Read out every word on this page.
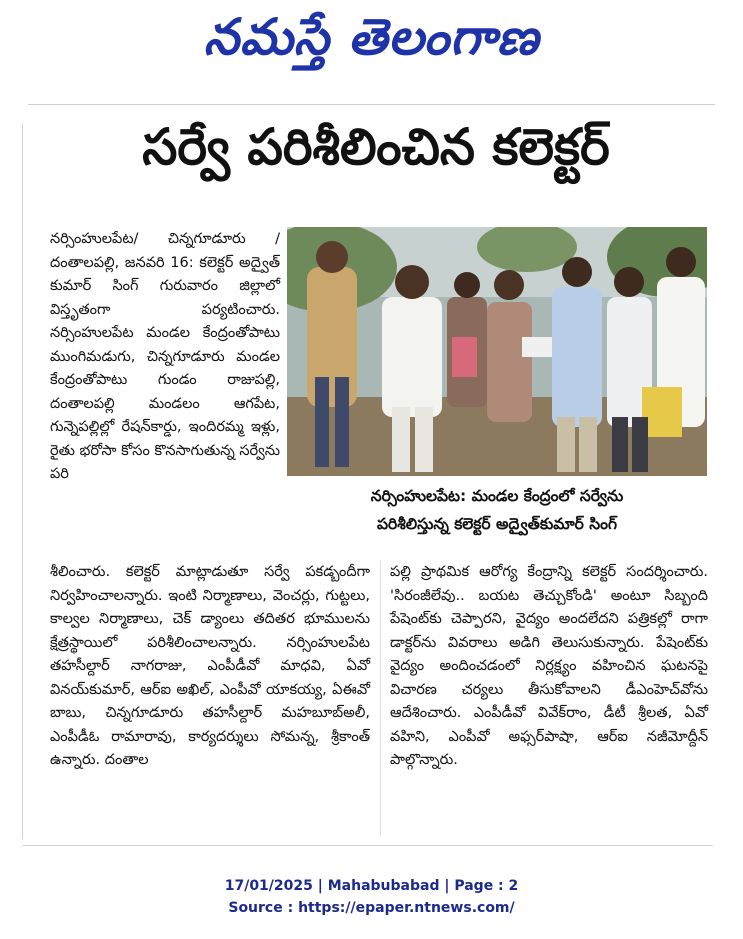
నమస్తే తెలంగాణ
సర్వే పరిశీలించిన కలెక్టర్

నర్సింహులపేట/ చిన్నగూడూరు /దంతాలపల్లి, జనవరి 16: కలెక్టర్ అద్వైత్ కుమార్ సింగ్ గురువారం జిల్లాలో విస్తృతంగా పర్యటించారు. నర్సింహులపేట మండల కేంద్రంతోపాటు ముంగిమడుగు, చిన్నగూడూరు మండల కేంద్రంతోపాటు గుండం రాజుపల్లి, దంతాలపల్లి మండలం ఆగపేట, గున్నెపల్లిల్లో రేషన్‌కార్డు, ఇందిరమ్మ ఇళ్లు, రైతు భరోసా కోసం కొనసాగుతున్న సర్వేను పరి

నర్సింహులపేట: మండల కేంద్రంలో సర్వేను

పరిశీలిస్తున్న కలెక్టర్ అద్వైత్‌కుమార్ సింగ్

శీలించారు. కలెక్టర్ మాట్లాడుతూ సర్వే పకడ్బందీగా నిర్వహించాలన్నారు. ఇంటి నిర్మాణాలు, వెంచర్లు, గుట్టలు, కాల్వల నిర్మాణాలు, చెక్ డ్యాంలు తదితర భూములను క్షేత్రస్థాయిలో పరిశీలించాలన్నారు. నర్సింహులపేట తహసీల్దార్ నాగరాజు, ఎంపీడీవో మాధవి, ఏవో వినయ్‌కుమార్, ఆర్ఐ అఖిల్, ఎంపీవో యాకయ్య, ఏఈవో బాబు, చిన్నగూడూరు తహసీల్దార్ మహబూబ్‌అలీ, ఎంపీడీఓ రామారావు, కార్యదర్శులు సోమన్న, శ్రీకాంత్ ఉన్నారు. దంతాల

పల్లి ప్రాథమిక ఆరోగ్య కేంద్రాన్ని కలెక్టర్ సందర్శించారు. 'సిరంజీలేవు.. బయట తెచ్చుకోండి' అంటూ సిబ్బంది పేషెంట్‌కు చెప్పారని, వైద్యం అందలేదని పత్రికల్లో రాగా డాక్టర్‌ను వివరాలు అడిగి తెలుసుకున్నారు. పేషెంట్‌కు వైద్యం అందించడంలో నిర్లక్ష్యం వహించిన ఘటనపై విచారణ చర్యలు తీసుకోవాలని డీఎంహెచ్‌వోను ఆదేశించారు. ఎంపీడీవో వివేక్‌రాం, డీటీ శ్రీలత, ఏవో వహిని, ఎంపీవో అఫ్సర్‌పాషా, ఆర్ఐ నజీమోద్దీన్ పాల్గొన్నారు.

17/01/2025 | Mahabubabad | Page : 2
Source : https://epaper.ntnews.com/
